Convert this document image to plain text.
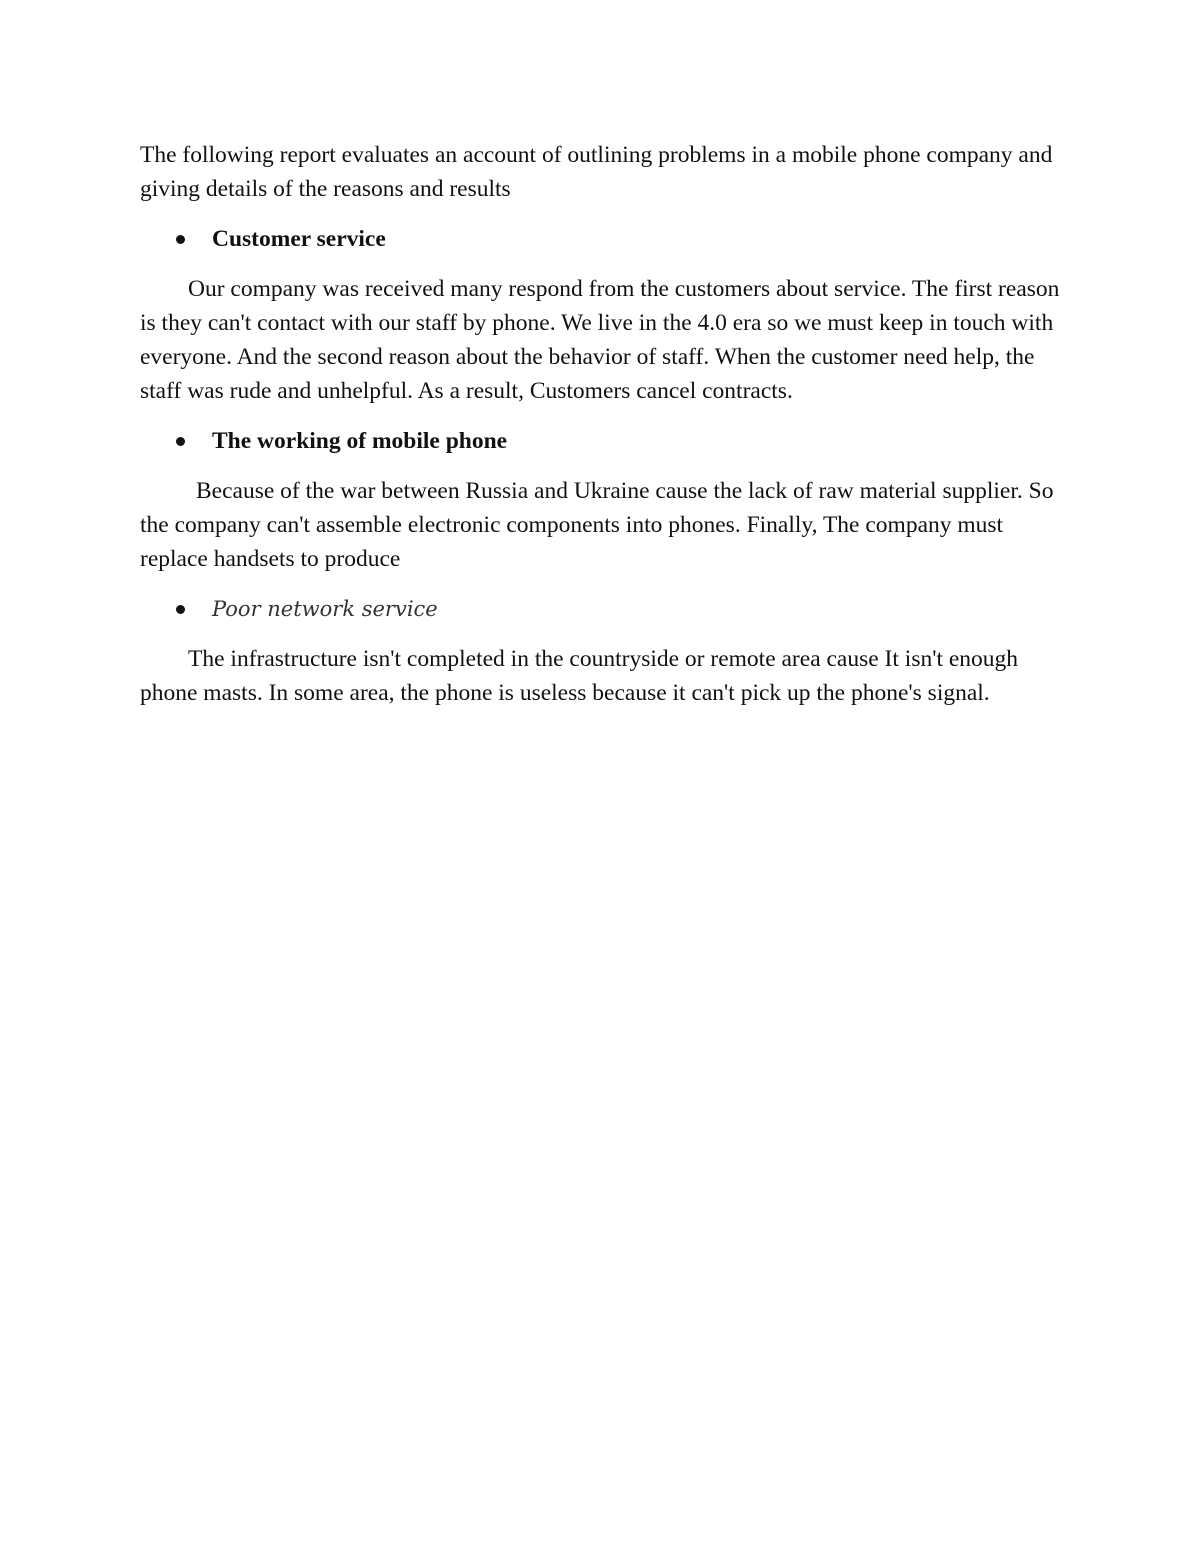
The following report evaluates an account of outlining problems in a mobile phone company and giving details of the reasons and results

Customer service

Our company was received many respond from the customers about service. The first reason is they can't contact with our staff by phone. We live in the 4.0 era so we must keep in touch with everyone. And the second reason about the behavior of staff. When the customer need help, the staff was rude and unhelpful. As a result, Customers cancel contracts.

The working of mobile phone

Because of the war between Russia and Ukraine cause the lack of raw material supplier. So the company can't assemble electronic components into phones. Finally, The company must replace handsets to produce

Poor network service

The infrastructure isn't completed in the countryside or remote area cause It isn't enough phone masts. In some area, the phone is useless because it can't pick up the phone's signal.
